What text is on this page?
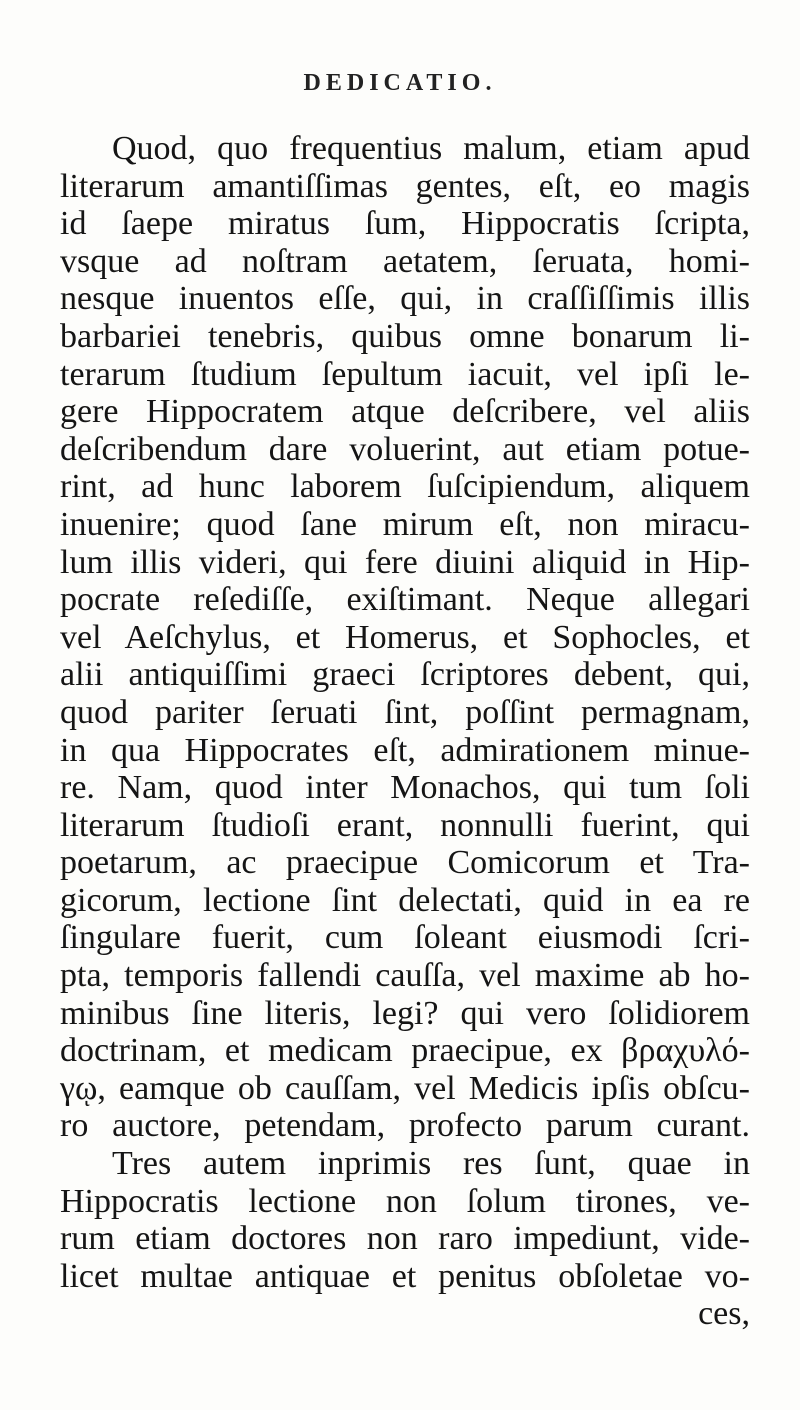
DEDICATIO.
Quod, quo frequentius malum, etiam apud
literarum amantiſſimas gentes, eſt, eo magis
id ſaepe miratus ſum, Hippocratis ſcripta,
vsque ad noſtram aetatem, ſeruata, homi-
nesque inuentos eſſe, qui, in craſſiſſimis illis
barbariei tenebris, quibus omne bonarum li-
terarum ſtudium ſepultum iacuit, vel ipſi le-
gere Hippocratem atque deſcribere, vel aliis
deſcribendum dare voluerint, aut etiam potue-
rint, ad hunc laborem ſuſcipiendum, aliquem
inuenire; quod ſane mirum eſt, non miracu-
lum illis videri, qui fere diuini aliquid in Hip-
pocrate reſediſſe, exiſtimant. Neque allegari
vel Aeſchylus, et Homerus, et Sophocles, et
alii antiquiſſimi graeci ſcriptores debent, qui,
quod pariter ſeruati ſint, poſſint permagnam,
in qua Hippocrates eſt, admirationem minue-
re. Nam, quod inter Monachos, qui tum ſoli
literarum ſtudioſi erant, nonnulli fuerint, qui
poetarum, ac praecipue Comicorum et Tra-
gicorum, lectione ſint delectati, quid in ea re
ſingulare fuerit, cum ſoleant eiusmodi ſcri-
pta, temporis fallendi cauſſa, vel maxime ab ho-
minibus ſine literis, legi? qui vero ſolidiorem
doctrinam, et medicam praecipue, ex βραχυλό-
γῳ, eamque ob cauſſam, vel Medicis ipſis obſcu-
ro auctore, petendam, profecto parum curant.
Tres autem inprimis res ſunt, quae in
Hippocratis lectione non ſolum tirones, ve-
rum etiam doctores non raro impediunt, vide-
licet multae antiquae et penitus obſoletae vo-
ces,
